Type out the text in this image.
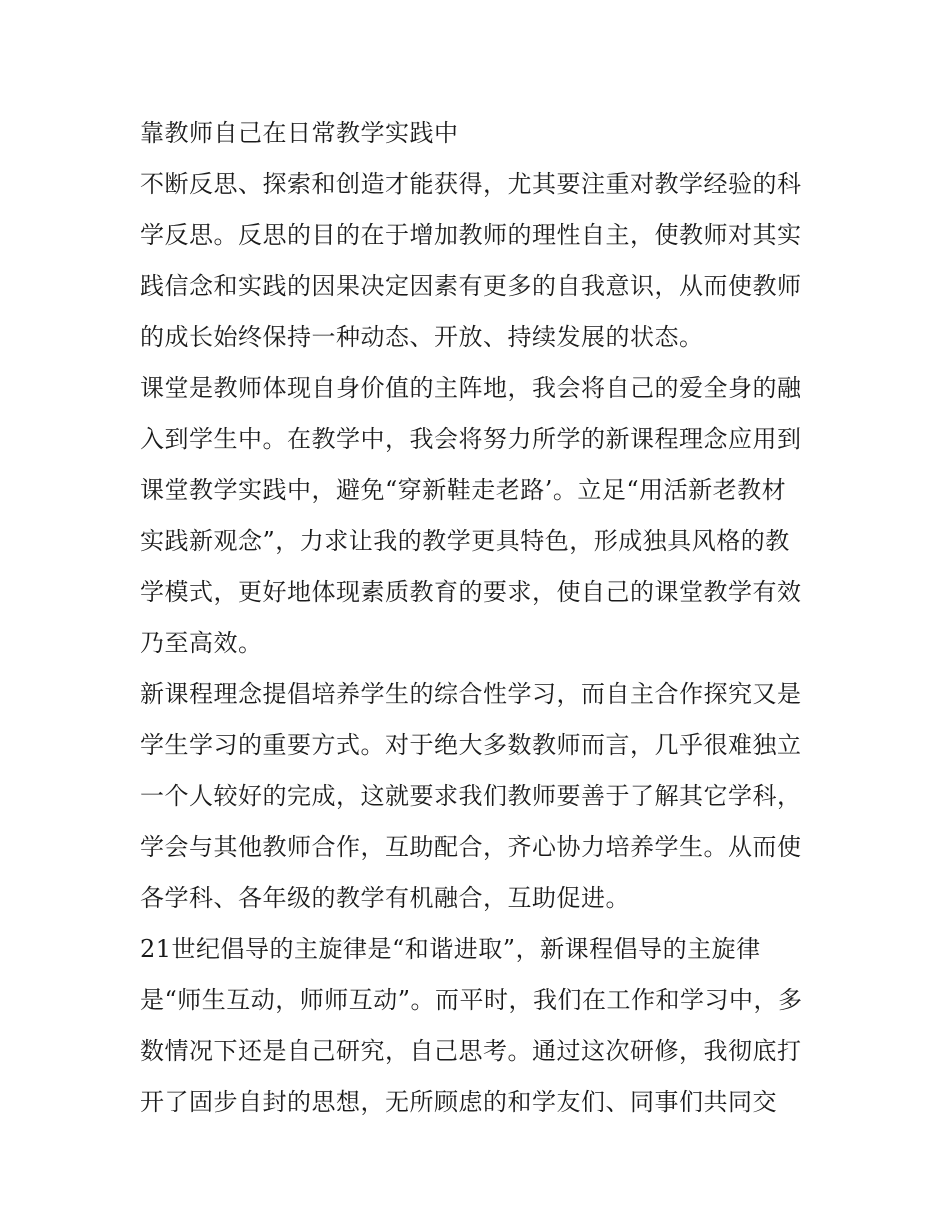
靠教师自己在日常教学实践中
不断反思、探索和创造才能获得，尤其要注重对教学经验的科
学反思。反思的目的在于增加教师的理性自主，使教师对其实
践信念和实践的因果决定因素有更多的自我意识，从而使教师
的成长始终保持一种动态、开放、持续发展的状态。
课堂是教师体现自身价值的主阵地，我会将自己的爱全身的融
入到学生中。在教学中，我会将努力所学的新课程理念应用到
课堂教学实践中，避免“穿新鞋走老路’。立足“用活新老教材
实践新观念”，力求让我的教学更具特色，形成独具风格的教
学模式，更好地体现素质教育的要求，使自己的课堂教学有效
乃至高效。
新课程理念提倡培养学生的综合性学习，而自主合作探究又是
学生学习的重要方式。对于绝大多数教师而言，几乎很难独立
一个人较好的完成，这就要求我们教师要善于了解其它学科，
学会与其他教师合作，互助配合，齐心协力培养学生。从而使
各学科、各年级的教学有机融合，互助促进。
21世纪倡导的主旋律是“和谐进取”，新课程倡导的主旋律
是“师生互动，师师互动”。而平时，我们在工作和学习中，多
数情况下还是自己研究，自己思考。通过这次研修，我彻底打
开了固步自封的思想，无所顾虑的和学友们、同事们共同交
